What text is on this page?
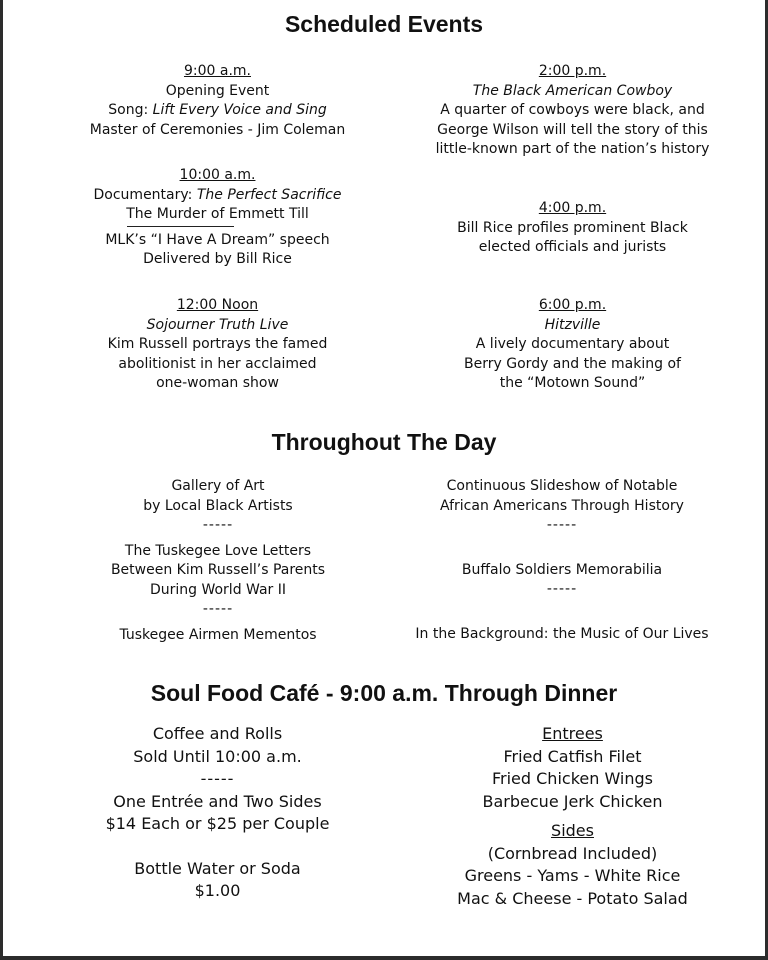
Scheduled Events
9:00 a.m.
Opening Event
Song: Lift Every Voice and Sing
Master of Ceremonies - Jim Coleman
10:00 a.m.
Documentary: The Perfect Sacrifice
The Murder of Emmett Till
MLK’s “I Have A Dream” speech
Delivered by Bill Rice
12:00 Noon
Sojourner Truth Live
Kim Russell portrays the famed
abolitionist in her acclaimed
one-woman show
2:00 p.m.
The Black American Cowboy
A quarter of cowboys were black, and
George Wilson will tell the story of this
little-known part of the nation’s history
4:00 p.m.
Bill Rice profiles prominent Black
elected officials and jurists
6:00 p.m.
Hitzville
A lively documentary about
Berry Gordy and the making of
the “Motown Sound”
Throughout The Day
Gallery of Art
by Local Black Artists
-----
The Tuskegee Love Letters
Between Kim Russell’s Parents
During World War II
-----
Tuskegee Airmen Mementos
Continuous Slideshow of Notable
African Americans Through History
-----
Buffalo Soldiers Memorabilia
-----
In the Background: the Music of Our Lives
Soul Food Café - 9:00 a.m. Through Dinner
Coffee and Rolls
Sold Until 10:00 a.m.
-----
One Entrée and Two Sides
$14 Each or $25 per Couple
Bottle Water or Soda
$1.00
Entrees
Fried Catfish Filet
Fried Chicken Wings
Barbecue Jerk Chicken
Sides
(Cornbread Included)
Greens - Yams - White Rice
Mac & Cheese - Potato Salad
